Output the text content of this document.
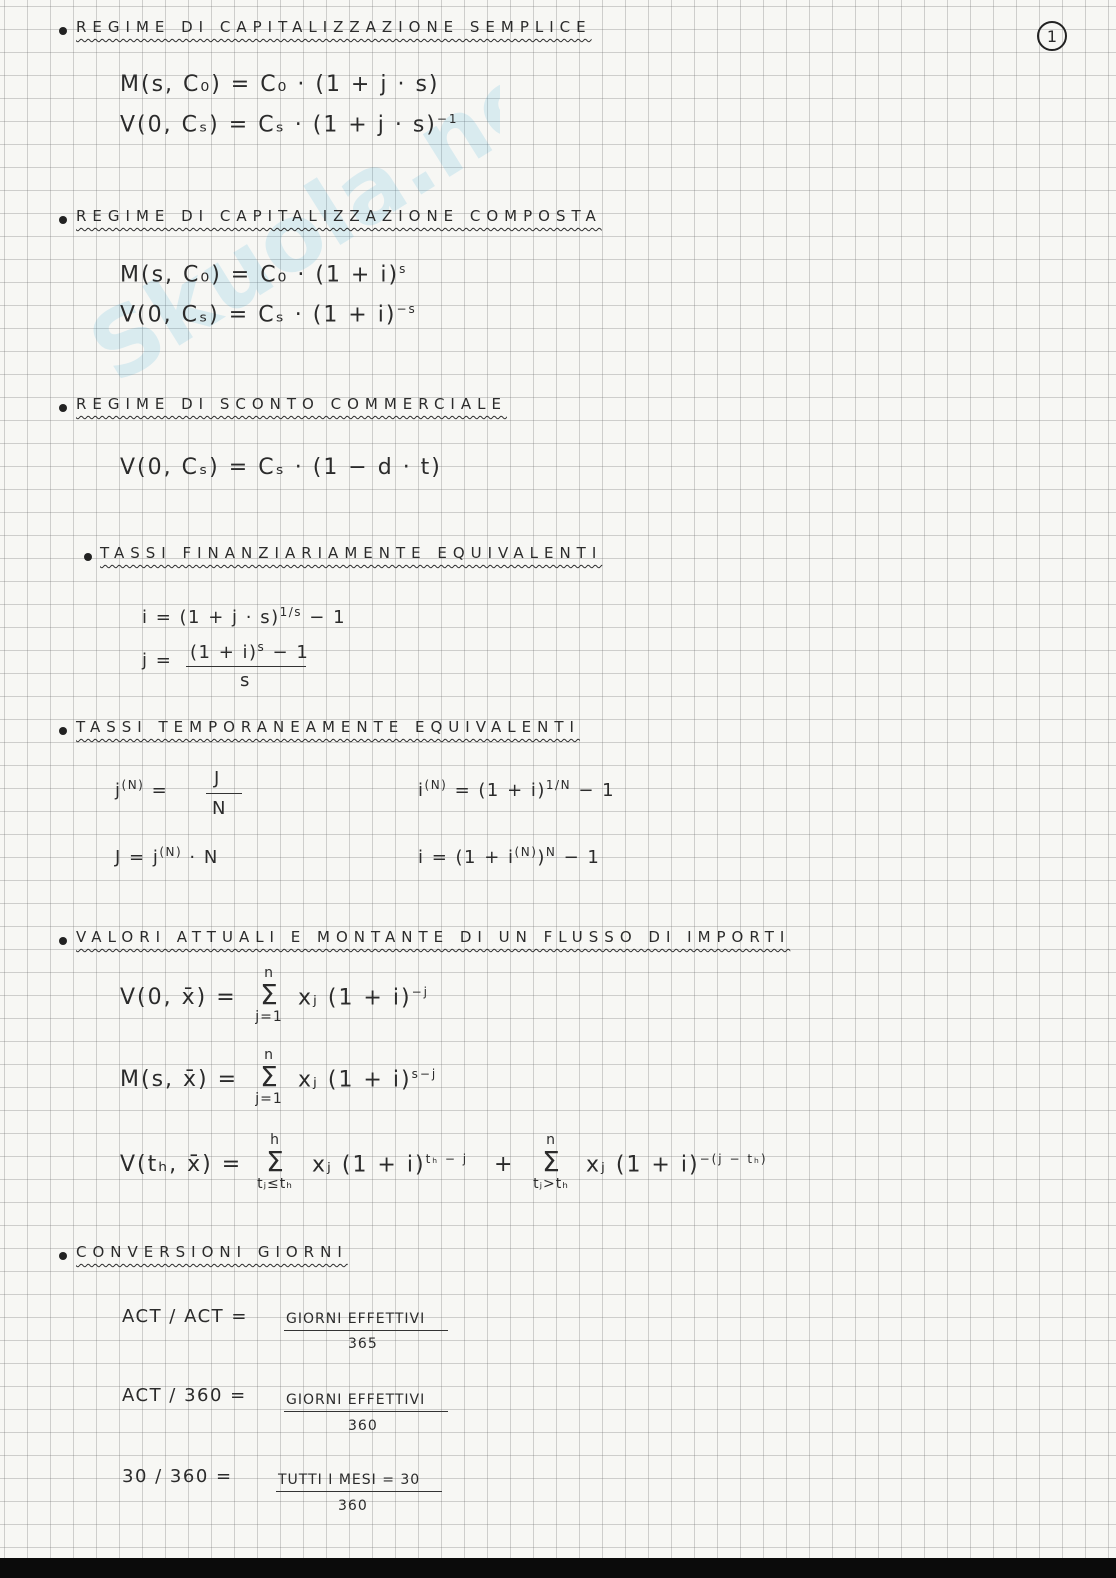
1
Skuola.net
REGIME DI CAPITALIZZAZIONE SEMPLICE
M(s, C₀) = C₀ · (1 + j · s)
V(0, $C_s) = C_s \cdot (1 + j \cdot s)^{-1}$
REGIME DI CAPITALIZZAZIONE COMPOSTA
M(s, $C_0) = C_0 \cdot (1 + i)^s$
V(0, $C_s) = C_s \cdot (1 + i)^{-s}$
REGIME DI SCONTO COMMERCIALE
V(0, Cₛ) = Cₛ · (1 − d · t)
TASSI FINANZIARIAMENTE EQUIVALENTI
$i = (1 + j \cdot s)^{1/s} - 1$
$j = (1 + i)^s - 1$
s
TASSI TEMPORANEAMENTE EQUIVALENTI
$j^{(N)}$ =
J
N
$i^{(N)} = (1 + i)^{1/N} - 1$
$J = j^{(N)} \cdot N$	$i = (1 + i^{(N)})^N - 1$
VALORI ATTUALI E MONTANTE DI UN FLUSSO DI IMPORTI
V(0, x̄) =
n
Σ
j=1
xⱼ $(1 + i)^{-j}$
M(s, x̄) =
n
Σ
j=1
xⱼ $(1 + i)^{s-j}$
V(tₕ, x̄) =
h
Σ
tⱼ≤tₕ
xⱼ $(1 + i)^{t_h - j}$ +
n
Σ
tⱼ>tₕ
xⱼ $(1 + i)^{-(j - t_h)}$
CONVERSIONI GIORNI
ACT / ACT =	GIORNI EFFETTIVI
365
ACT / 360 =	GIORNI EFFETTIVI
360
30 / 360 =	TUTTI I MESI = 30
360
